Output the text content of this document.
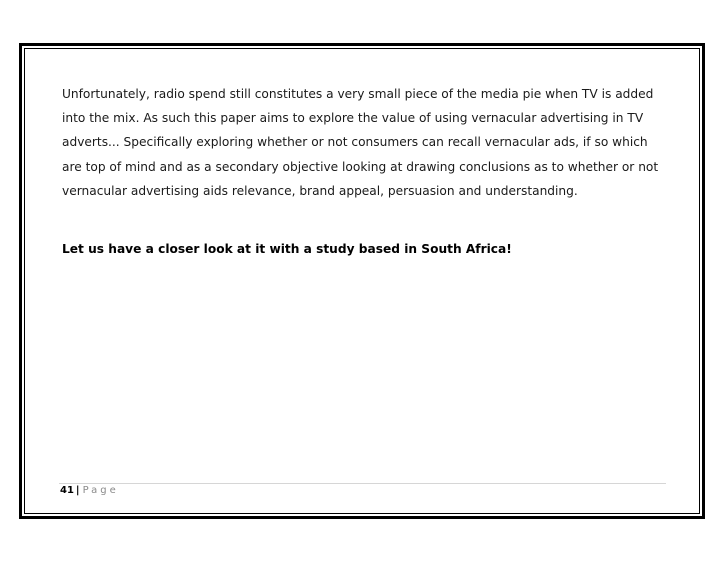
Unfortunately, radio spend still constitutes a very small piece of the media pie when TV is added
into the mix. As such this paper aims to explore the value of using vernacular advertising in TV
adverts... Specifically exploring whether or not consumers can recall vernacular ads, if so which
are top of mind and as a secondary objective looking at drawing conclusions as to whether or not
vernacular advertising aids relevance, brand appeal, persuasion and understanding.

Let us have a closer look at it with a study based in South Africa!

41 | Page
